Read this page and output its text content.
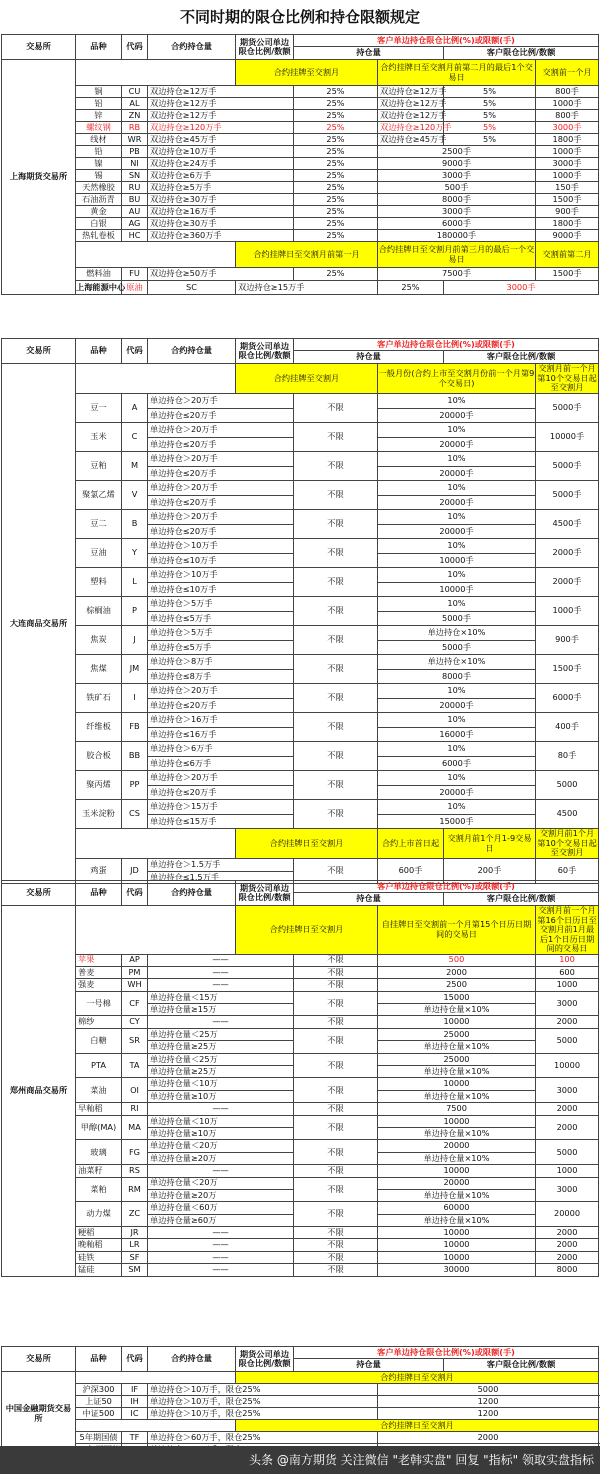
不同时期的限仓比例和持仓限额规定
交易所	品种	代码	合约持仓量	期货公司单边限仓比例/数额	客户单边持仓限仓比例(%)或限额(手)				
					持仓量		客户限仓比例/数额		
上海期货交易所				合约挂牌至交割月		合约挂牌日至交割月前第二月的最后1个交易日		交割前一个月	
	铜	CU	双边持仓≥12万手		25%	双边持仓≥12万手	5%	800手	
	铝	AL	双边持仓≥12万手		25%	双边持仓≥12万手	5%	1000手	
	锌	ZN	双边持仓≥12万手		25%	双边持仓≥12万手	5%	800手	
	螺纹钢	RB	双边持仓≥120万手		25%	双边持仓≥120万手	5%	3000手	
	线材	WR	双边持仓≥45万手		25%	双边持仓≥45万手	5%	1800手	
	铅	PB	双边持仓≥10万手		25%	2500手		1000手	
	镍	NI	双边持仓≥24万手		25%	9000手		3000手	
	锡	SN	双边持仓≥6万手		25%	3000手		1000手	
	天然橡胶	RU	双边持仓≥5万手		25%	500手		150手	
	石油沥青	BU	双边持仓≥30万手		25%	8000手		1500手	
	黄金	AU	双边持仓≥16万手		25%	3000手		900手	
	白银	AG	双边持仓≥30万手		25%	6000手		1800手	
	热轧卷板	HC	双边持仓≥360万手		25%	180000手		9000手	
				合约挂牌日至交割月前第一月		合约挂牌日至交割月前第三月的最后一个交易日		交割前第二月	
	燃料油	FU	双边持仓≥50万手		25%	7500手		1500手	
	上海能源中心	原油	SC	双边持仓≥15万手		25%	3000手		
交易所	品种	代码	合约持仓量	期货公司单边限仓比例/数额	客户单边持仓限仓比例(%)或限额(手)				
					持仓量		客户限仓比例/数额		
大连商品交易所				合约挂牌至交割月		一般月份(合约上市至交割月份前一个月第9个交易日)		交割月前一个月第10个交易日起至交割月	
	豆一	A	单边持仓＞20万手		不限	10%		5000手	
			单边持仓≤20万手			20000手			
	玉米	C	单边持仓＞20万手		不限	10%		10000手	
			单边持仓≤20万手			20000手			
	豆粕	M	单边持仓＞20万手		不限	10%		5000手	
			单边持仓≤20万手			20000手			
	聚氯乙烯	V	单边持仓＞20万手		不限	10%		5000手	
			单边持仓≤20万手			20000手			
	豆二	B	单边持仓＞20万手		不限	10%		4500手	
			单边持仓≤20万手			20000手			
	豆油	Y	单边持仓＞10万手		不限	10%		2000手	
			单边持仓≤10万手			10000手			
	塑料	L	单边持仓＞10万手		不限	10%		2000手	
			单边持仓≤10万手			10000手			
	棕榈油	P	单边持仓＞5万手		不限	10%		1000手	
			单边持仓≤5万手			5000手			
	焦炭	J	单边持仓＞5万手		不限	单边持仓×10%		900手	
			单边持仓≤5万手			5000手			
	焦煤	JM	单边持仓＞8万手		不限	单边持仓×10%		1500手	
			单边持仓≤8万手			8000手			
	铁矿石	I	单边持仓＞20万手		不限	10%		6000手	
			单边持仓≤20万手			20000手			
	纤维板	FB	单边持仓＞16万手		不限	10%		400手	
			单边持仓≤16万手			16000手			
	胶合板	BB	单边持仓＞6万手		不限	10%		80手	
			单边持仓≤6万手			6000手			
	聚丙烯	PP	单边持仓＞20万手		不限	10%		5000	
			单边持仓≤20万手			20000手			
	玉米淀粉	CS	单边持仓＞15万手		不限	10%		4500	
			单边持仓≤15万手			15000手			
				合约挂牌日至交割月		合约上市首日起	交割月前1个月1-9交易日	交割月前1个月第10个交易日起至交割月	
	鸡蛋	JD	单边持仓＞1.5万手		不限	600手	200手	60手	
			单边持仓≤1.5万手						
交易所	品种	代码	合约持仓量	期货公司单边限仓比例/数额	客户单边持仓限仓比例(%)或限额(手)				
					持仓量		客户限仓比例/数额		
郑州商品交易所				合约挂牌日至交割月		自挂牌日至交割前一个月第15个日历日期间的交易日		交割月前一个月第16个日历日至交割月前1月最后1个日历日期间的交易日	
	苹果	AP	——		不限	500		100	
	普麦	PM	——		不限	2000		600	
	强麦	WH	——		不限	2500		1000	
	一号棉	CF	单边持仓量＜15万		不限	15000		3000	
			单边持仓量≥15万			单边持仓量×10%			
	棉纱	CY	——		不限	10000		2000	
	白糖	SR	单边持仓量＜25万		不限	25000		5000	
			单边持仓量≥25万			单边持仓量×10%			
	PTA	TA	单边持仓量＜25万		不限	25000		10000	
			单边持仓量≥25万			单边持仓量×10%			
	菜油	OI	单边持仓量＜10万		不限	10000		3000	
			单边持仓量≥10万			单边持仓量×10%			
	早籼稻	RI	——		不限	7500		2000	
	甲醇(MA)	MA	单边持仓量＜10万		不限	10000		2000	
			单边持仓量≥10万			单边持仓量×10%			
	玻璃	FG	单边持仓量＜20万		不限	20000		5000	
			单边持仓量≥20万			单边持仓量×10%			
	油菜籽	RS	——		不限	10000		1000	
	菜粕	RM	单边持仓量＜20万		不限	20000		3000	
			单边持仓量≥20万			单边持仓量×10%			
	动力煤	ZC	单边持仓量＜60万		不限	60000		20000	
			单边持仓量≥60万			单边持仓量×10%			
	粳稻	JR	——		不限	10000		2000	
	晚籼稻	LR	——		不限	10000		2000	
	硅铁	SF	——		不限	10000		2000	
	锰硅	SM	——		不限	30000		8000	
交易所	品种	代码	合约持仓量	期货公司单边限仓比例/数额	客户单边持仓限仓比例(%)或限额(手)		
					持仓量		客户限仓比例/数额
中国金融期货交易所				合约挂牌日至交割月			
	沪深300	IF	单边持仓＞10万手，限仓25%			5000	
	上证50	IH	单边持仓＞10万手，限仓25%			1200	
	中证500	IC	单边持仓＞10万手，限仓25%			1200	
				合约挂牌日至交割月			
	5年期国债	TF	单边持仓＞60万手，限仓25%			2000	

头条 @南方期货 关注微信 "老韩实盘" 回复 "指标" 领取实盘指标
